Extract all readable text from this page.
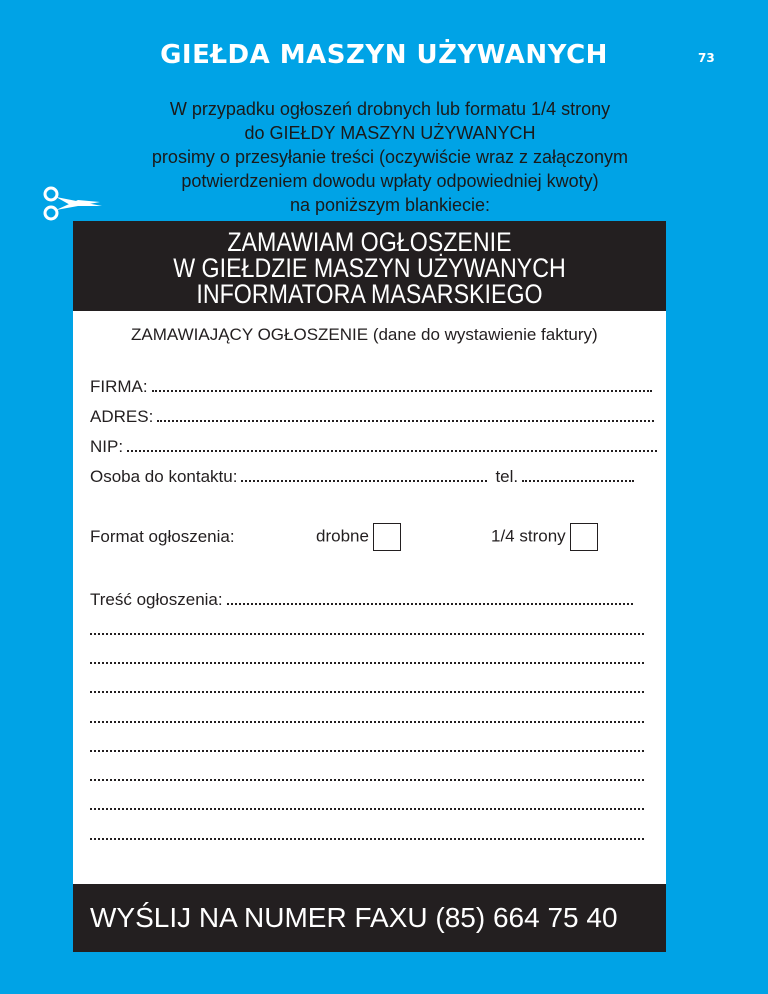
GIEŁDA MASZYN UŻYWANYCH	73
W przypadku ogłoszeń drobnych lub formatu 1/4 strony
do GIEŁDY MASZYN UŻYWANYCH
prosimy o przesyłanie treści (oczywiście wraz z załączonym
potwierdzeniem dowodu wpłaty odpowiedniej kwoty)
na poniższym blankiecie:
ZAMAWIAM OGŁOSZENIE
W GIEŁDZIE MASZYN UŻYWANYCH
INFORMATORA MASARSKIEGO
ZAMAWIAJĄCY OGŁOSZENIE (dane do wystawienie faktury)
FIRMA:
ADRES:
NIP:
Osoba do kontaktu:	tel.
Format ogłoszenia:	drobne	1/4 strony
Treść ogłoszenia:
WYŚLIJ NA NUMER FAXU (85) 664 75 40
